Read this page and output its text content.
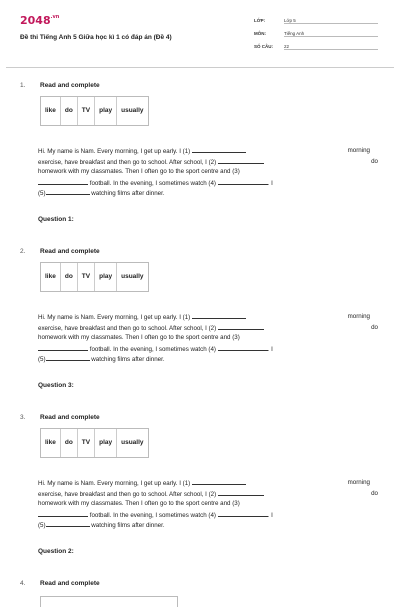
$2048^{.vn}$
Đề thi Tiếng Anh 5 Giữa học kì 1 có đáp án (Đề 4)
LỚP:	Lớp 5
MÔN:	Tiếng Anh
SỐ CÂU: 22
1. Read and complete
like	do	TV	play	usually
Hi. My name is Nam. Every morning, I get up early. I (1)	morning
exercise, have breakfast and then go to school. After school, I (2)	do
homework with my classmates. Then I often go to the sport centre and (3)
football. In the evening, I sometimes watch (4)	. I
(5)	watching films after dinner.
Question 1:
2. Read and complete
like	do	TV	play	usually
Hi. My name is Nam. Every morning, I get up early. I (1)	morning
exercise, have breakfast and then go to school. After school, I (2)	do
homework with my classmates. Then I often go to the sport centre and (3)
football. In the evening, I sometimes watch (4)	. I
(5)	watching films after dinner.
Question 3:
3. Read and complete
like	do	TV	play	usually
Hi. My name is Nam. Every morning, I get up early. I (1)	morning
exercise, have breakfast and then go to school. After school, I (2)	do
homework with my classmates. Then I often go to the sport centre and (3)
football. In the evening, I sometimes watch (4)	. I
(5)	watching films after dinner.
Question 2:
4. Read and complete
